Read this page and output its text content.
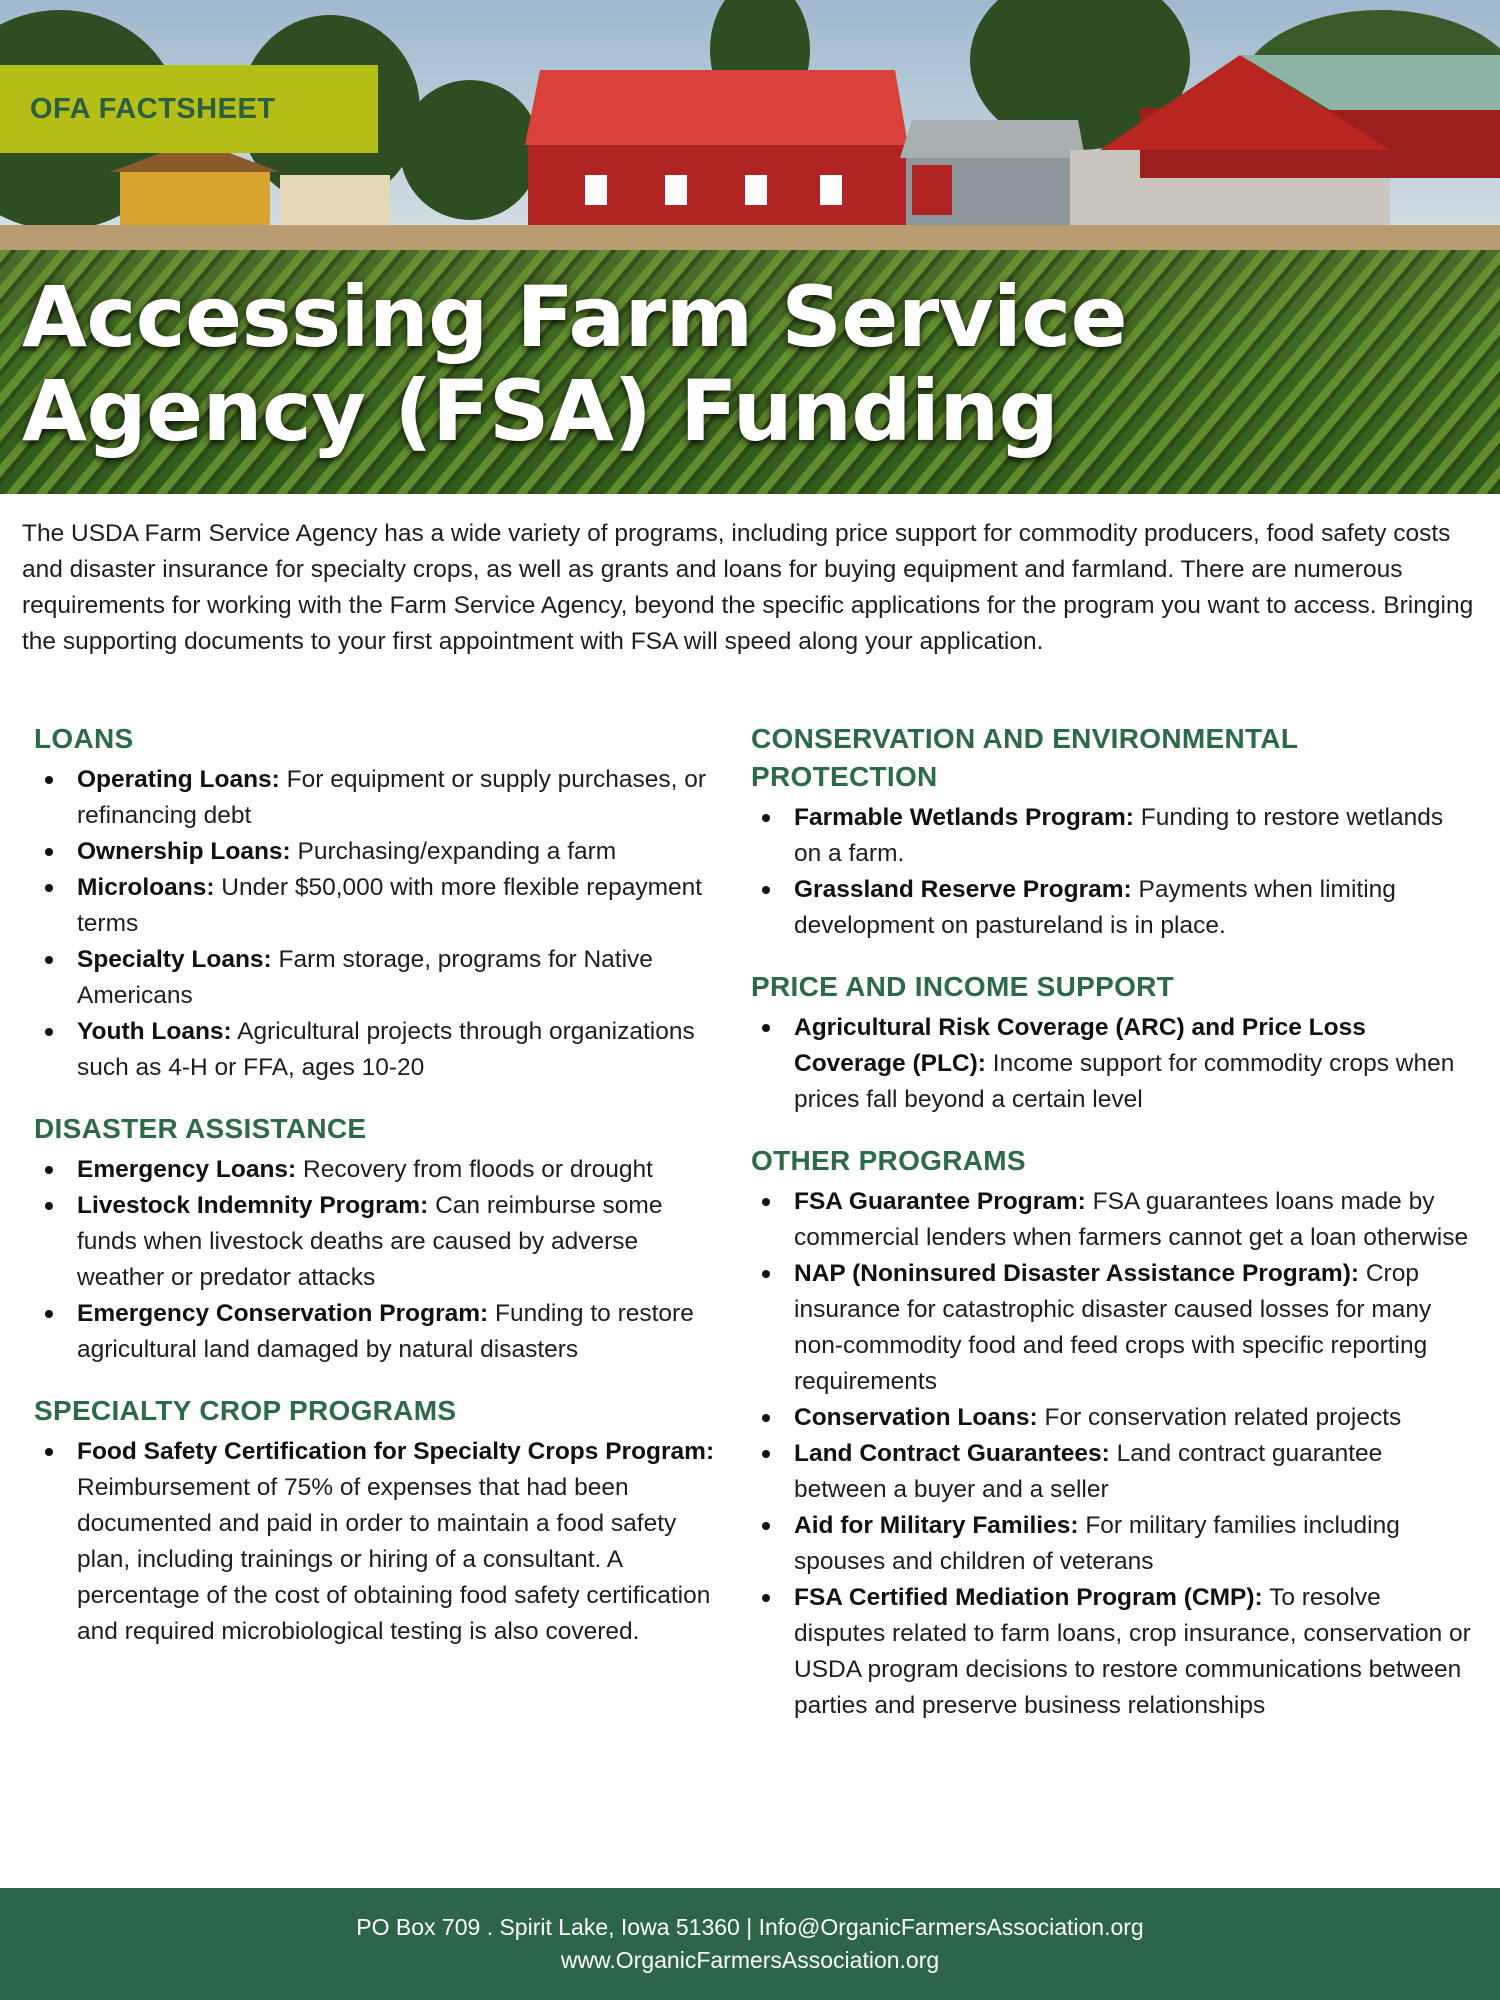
OFA FACTSHEET
Accessing Farm Service
Agency (FSA) Funding

The USDA Farm Service Agency has a wide variety of programs, including price support for commodity producers, food safety costs and disaster insurance for specialty crops, as well as grants and loans for buying equipment and farmland. There are numerous requirements for working with the Farm Service Agency, beyond the specific applications for the program you want to access. Bringing the supporting documents to your first appointment with FSA will speed along your application.

LOANS
Operating Loans: For equipment or supply purchases, or refinancing debt
Ownership Loans: Purchasing/expanding a farm
Microloans: Under $50,000 with more flexible repayment terms
Specialty Loans: Farm storage, programs for Native Americans
Youth Loans: Agricultural projects through organizations such as 4-H or FFA, ages 10-20
DISASTER ASSISTANCE
Emergency Loans: Recovery from floods or drought
Livestock Indemnity Program: Can reimburse some funds when livestock deaths are caused by adverse weather or predator attacks
Emergency Conservation Program: Funding to restore agricultural land damaged by natural disasters
SPECIALTY CROP PROGRAMS
Food Safety Certification for Specialty Crops Program: Reimbursement of 75% of expenses that had been documented and paid in order to maintain a food safety plan, including trainings or hiring of a consultant. A percentage of the cost of obtaining food safety certification and required microbiological testing is also covered.
CONSERVATION AND ENVIRONMENTAL PROTECTION
Farmable Wetlands Program: Funding to restore wetlands on a farm.
Grassland Reserve Program: Payments when limiting development on pastureland is in place.
PRICE AND INCOME SUPPORT
Agricultural Risk Coverage (ARC) and Price Loss Coverage (PLC): Income support for commodity crops when prices fall beyond a certain level
OTHER PROGRAMS
FSA Guarantee Program: FSA guarantees loans made by commercial lenders when farmers cannot get a loan otherwise
NAP (Noninsured Disaster Assistance Program): Crop insurance for catastrophic disaster caused losses for many non-commodity food and feed crops with specific reporting requirements
Conservation Loans: For conservation related projects
Land Contract Guarantees: Land contract guarantee between a buyer and a seller
Aid for Military Families: For military families including spouses and children of veterans
FSA Certified Mediation Program (CMP): To resolve disputes related to farm loans, crop insurance, conservation or USDA program decisions to restore communications between parties and preserve business relationships
PO Box 709 . Spirit Lake, Iowa 51360 | Info@OrganicFarmersAssociation.org
www.OrganicFarmersAssociation.org
